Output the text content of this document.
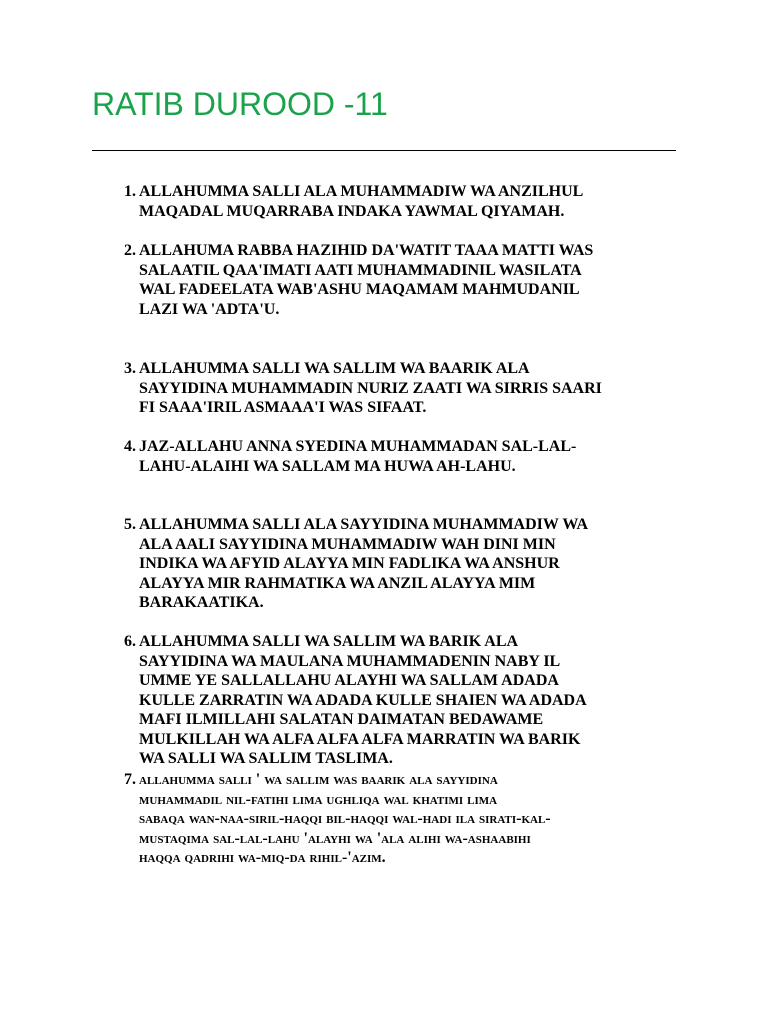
RATIB DUROOD -11
1. ALLAHUMMA SALLI ALA MUHAMMADIW WA ANZILHUL
MAQADAL MUQARRABA INDAKA YAWMAL QIYAMAH.
2. ALLAHUMA RABBA HAZIHID DA'WATIT TAAA MATTI WAS
SALAATIL QAA'IMATI AATI MUHAMMADINIL WASILATA
WAL FADEELATA WAB'ASHU MAQAMAM MAHMUDANIL
LAZI WA 'ADTA'U.
3. ALLAHUMMA SALLI WA SALLIM WA BAARIK ALA
SAYYIDINA MUHAMMADIN NURIZ ZAATI WA SIRRIS SAARI
FI SAAA'IRIL ASMAAA'I WAS SIFAAT.
4. JAZ-ALLAHU ANNA SYEDINA MUHAMMADAN SAL-LAL-
LAHU-ALAIHI WA SALLAM MA HUWA AH-LAHU.
5. ALLAHUMMA SALLI ALA SAYYIDINA MUHAMMADIW WA
ALA AALI SAYYIDINA MUHAMMADIW WAH DINI MIN
INDIKA WA AFYID ALAYYA MIN FADLIKA WA ANSHUR
ALAYYA MIR RAHMATIKA WA ANZIL ALAYYA MIM
BARAKAATIKA.
6. ALLAHUMMA SALLI WA SALLIM WA BARIK ALA
SAYYIDINA WA MAULANA MUHAMMADENIN NABY IL
UMME YE SALLALLAHU ALAYHI WA SALLAM ADADA
KULLE ZARRATIN WA ADADA KULLE SHAIEN WA ADADA
MAFI ILMILLAHI SALATAN DAIMATAN BEDAWAME
MULKILLAH WA ALFA ALFA ALFA MARRATIN WA BARIK
WA SALLI WA SALLIM TASLIMA.
7. allahumma salli ' wa sallim was baarik ala sayyidina
muhammadil nil-fatihi lima ughliqa wal khatimi lima
sabaqa wan-naa-siril-haqqi bil-haqqi wal-hadi ila sirati-kal-
mustaqima sal-lal-lahu 'alayhi wa 'ala alihi wa-ashaabihi
haqqa qadrihi wa-miq-da rihil-'azim.
